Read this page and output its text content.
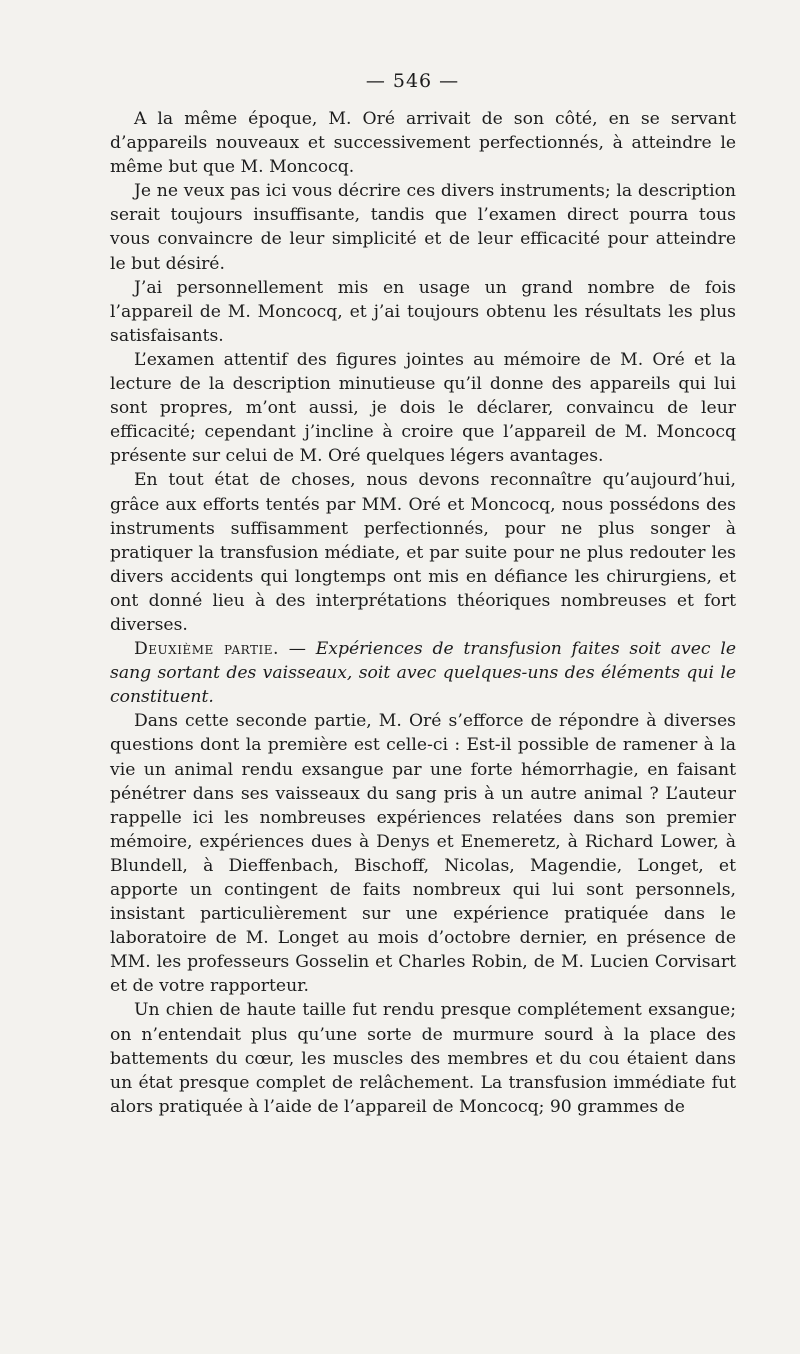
— 546 —

A la même époque, M. Oré arrivait de son côté, en se servant d’appareils nouveaux et successivement perfectionnés, à atteindre le même but que M. Moncocq.

Je ne veux pas ici vous décrire ces divers instruments; la description serait toujours insuffisante, tandis que l’examen direct pourra tous vous convaincre de leur simplicité et de leur efficacité pour atteindre le but désiré.

J’ai personnellement mis en usage un grand nombre de fois l’appareil de M. Moncocq, et j’ai toujours obtenu les résultats les plus satisfaisants.

L’examen attentif des figures jointes au mémoire de M. Oré et la lecture de la description minutieuse qu’il donne des appareils qui lui sont propres, m’ont aussi, je dois le déclarer, convaincu de leur efficacité; cependant j’incline à croire que l’appareil de M. Moncocq présente sur celui de M. Oré quelques légers avantages.

En tout état de choses, nous devons reconnaître qu’aujourd’hui, grâce aux efforts tentés par MM. Oré et Moncocq, nous possédons des instruments suffisamment perfectionnés, pour ne plus songer à pratiquer la transfusion médiate, et par suite pour ne plus redouter les divers accidents qui longtemps ont mis en défiance les chirurgiens, et ont donné lieu à des interprétations théoriques nombreuses et fort diverses.

Deuxième partie. — Expériences de transfusion faites soit avec le sang sortant des vaisseaux, soit avec quelques-uns des éléments qui le constituent.

Dans cette seconde partie, M. Oré s’efforce de répondre à diverses questions dont la première est celle-ci : Est-il possible de ramener à la vie un animal rendu exsangue par une forte hémorrhagie, en faisant pénétrer dans ses vaisseaux du sang pris à un autre animal ? L’auteur rappelle ici les nombreuses expériences relatées dans son premier mémoire, expériences dues à Denys et Enemeretz, à Richard Lower, à Blundell, à Dieffenbach, Bischoff, Nicolas, Magendie, Longet, et apporte un contingent de faits nombreux qui lui sont personnels, insistant particulièrement sur une expérience pratiquée dans le laboratoire de M. Longet au mois d’octobre dernier, en présence de MM. les professeurs Gosselin et Charles Robin, de M. Lucien Corvisart et de votre rapporteur.

Un chien de haute taille fut rendu presque complétement exsangue; on n’entendait plus qu’une sorte de murmure sourd à la place des battements du cœur, les muscles des membres et du cou étaient dans un état presque complet de relâchement. La transfusion immédiate fut alors pratiquée à l’aide de l’appareil de Moncocq; 90 grammes de
